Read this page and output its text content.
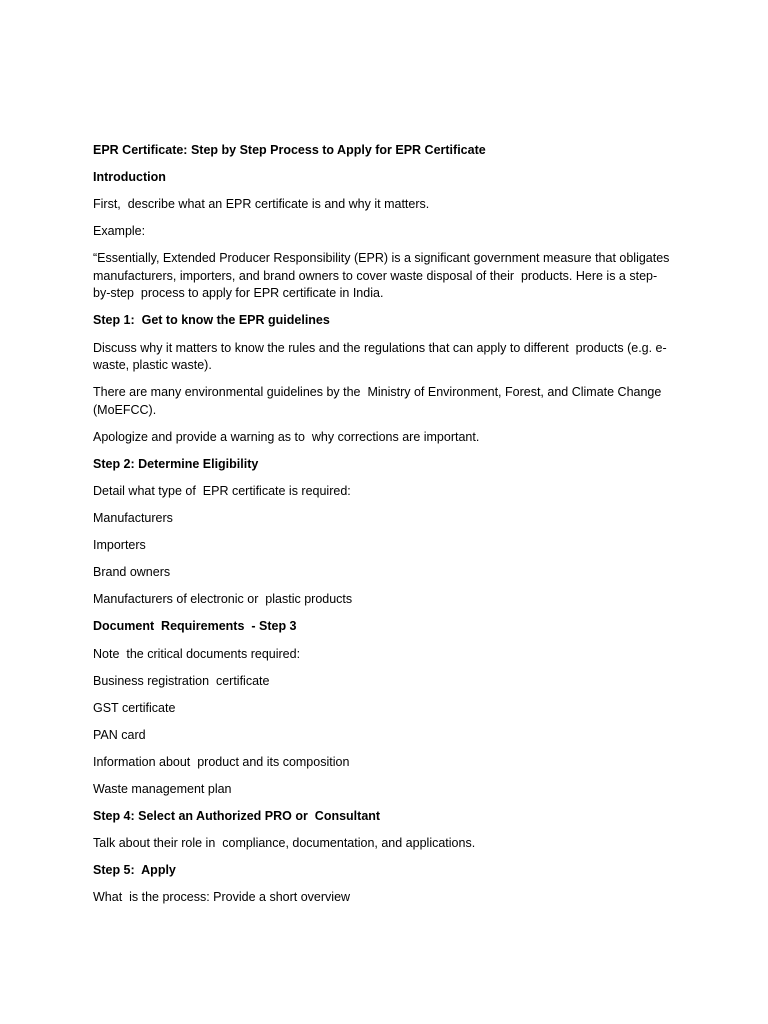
EPR Certificate: Step by Step Process to Apply for EPR Certificate

Introduction

First,  describe what an EPR certificate is and why it matters.

Example:

“Essentially, Extended Producer Responsibility (EPR) is a significant government measure that obligates manufacturers, importers, and brand owners to cover waste disposal of their  products. Here is a step-by-step  process to apply for EPR certificate in India.

Step 1:  Get to know the EPR guidelines

Discuss why it matters to know the rules and the regulations that can apply to different  products (e.g. e-waste, plastic waste).

There are many environmental guidelines by the  Ministry of Environment, Forest, and Climate Change (MoEFCC).

Apologize and provide a warning as to  why corrections are important.

Step 2: Determine Eligibility

Detail what type of  EPR certificate is required:

Manufacturers

Importers

Brand owners

Manufacturers of electronic or  plastic products

Document  Requirements  - Step 3

Note  the critical documents required:

Business registration  certificate

GST certificate

PAN card

Information about  product and its composition

Waste management plan

Step 4: Select an Authorized PRO or  Consultant

Talk about their role in  compliance, documentation, and applications.

Step 5:  Apply

What  is the process: Provide a short overview
